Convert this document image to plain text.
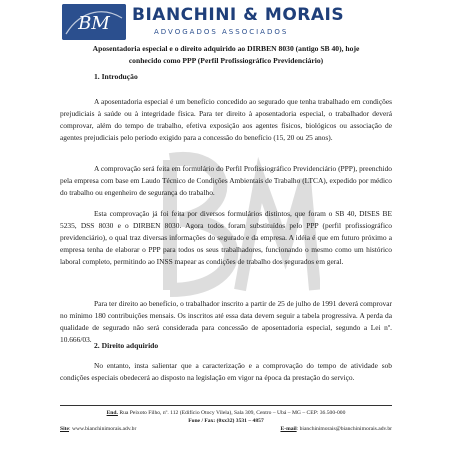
BM BIANCHINI & MORAIS
ADVOGADOS ASSOCIADOS
Aposentadoria especial e o direito adquirido ao DIRBEN 8030 (antigo SB 40), hoje
conhecido como PPP (Perfil Profissiográfico Previdenciário)
1. Introdução

A aposentadoria especial é um benefício concedido ao segurado que tenha trabalhado em condições prejudiciais à saúde ou à integridade física. Para ter direito à aposentadoria especial, o trabalhador deverá comprovar, além do tempo de trabalho, efetiva exposição aos agentes físicos, biológicos ou associação de agentes prejudiciais pelo período exigido para a concessão do benefício (15, 20 ou 25 anos).

A comprovação será feita em formulário do Perfil Profissiográfico Previdenciário (PPP), preenchido pela empresa com base em Laudo Técnico de Condições Ambientais de Trabalho (LTCA), expedido por médico do trabalho ou engenheiro de segurança do trabalho.

Esta comprovação já foi feita por diversos formulários distintos, que foram o SB 40, DISES BE 5235, DSS 8030 e o DIRBEN 8030. Agora todos foram substituídos pelo PPP (perfil profissiográfico previdenciário), o qual traz diversas informações do segurado e da empresa. A idéia é que em futuro próximo a empresa tenha de elaborar o PPP para todos os seus trabalhadores, funcionando o mesmo como um histórico laboral completo, permitindo ao INSS mapear as condições de trabalho dos segurados em geral.

Para ter direito ao benefício, o trabalhador inscrito a partir de 25 de julho de 1991 deverá comprovar no mínimo 180 contribuições mensais. Os inscritos até essa data devem seguir a tabela progressiva. A perda da qualidade de segurado não será considerada para concessão de aposentadoria especial, segundo a Lei nº. 10.666/03.

2. Direito adquirido

No entanto, insta salientar que a caracterização e a comprovação do tempo de atividade sob condições especiais obedecerá ao disposto na legislação em vigor na época da prestação do serviço.

End. Rua Peixoto Filho, nº. 112 (Edifício Otocy Vilela), Sala 309, Centro – Ubá – MG – CEP: 36.500-000
Fone / Fax: (0xx32) 3531 – 4857
Site: www.bianchinimorais.adv.br	E-mail: bianchinimorais@bianchinimorais.adv.br
